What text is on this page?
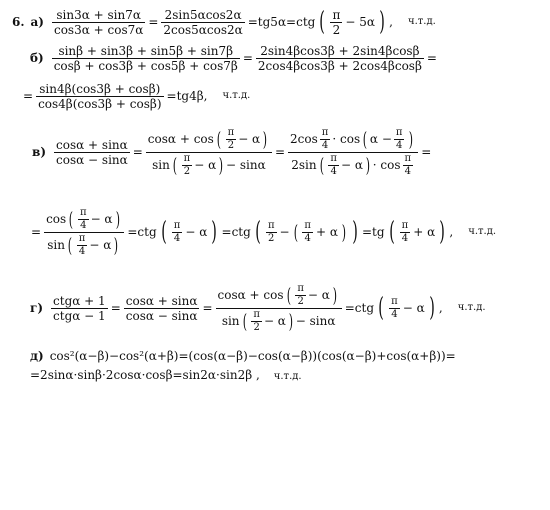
6. $а) \frac{\sin 3\alpha + \sin 7\alpha}{\cos 3\alpha + \cos 7\alpha} = \frac{2\sin 5\alpha\cos 2\alpha}{2\cos 5\alpha\cos 2\alpha} =tg5\alpha=ctg$ ( $\frac{\pi}{2} - 5\alpha$ ) , ч.т.д.
$б) \frac{\sin\beta + \sin 3\beta + \sin 5\beta + \sin 7\beta}{\cos\beta + \cos 3\beta + \cos 5\beta + \cos 7\beta} = \frac{2\sin 4\beta\cos 3\beta + 2\sin 4\beta\cos\beta}{2\cos 4\beta\cos 3\beta + 2\cos 4\beta\cos\beta}$ =
= $\frac{\sin 4\beta(\cos 3\beta + \cos\beta)}{\cos 4\beta(\cos 3\beta + \cos\beta)} =tg4\beta$, ч.т.д.
$в) \frac{\cos\alpha + \sin\alpha}{\cos\alpha - \sin\alpha}$ =
cosα + cos ( $\frac{\pi}{2} - \alpha$ )
sin ( $\frac{\pi}{2} - \alpha$ ) − sinα
=
$2\cos \frac{\pi}{4} \cdot \cos$ ( $\alpha - \frac{\pi}{4}$ )
2sin ( $\frac{\pi}{4} - \alpha$ ) · $\cos \frac{\pi}{4}$
=
=
cos ( $\frac{\pi}{4} - \alpha$ )
sin ( $\frac{\pi}{4} - \alpha$ )
=ctg ( $\frac{\pi}{4} - \alpha$ ) =ctg ( $\frac{\pi}{2}$ − ( $\frac{\pi}{4} + \alpha$ ) ) =tg ( $\frac{\pi}{4} + \alpha$ ) , ч.т.д.
$г) \frac{\text{ctgα + 1}}{\text{ctgα − 1}} = \frac{\cos\alpha + \sin\alpha}{\cos\alpha - \sin\alpha}$ =
cosα + cos ( $\frac{\pi}{2} - \alpha$ )
sin ( $\frac{\pi}{2} - \alpha$ ) − sinα
=ctg ( $\frac{\pi}{4} - \alpha$ ) , ч.т.д.
д) cos²(α−β)−cos²(α+β)=(cos(α−β)−cos(α−β))(cos(α−β)+cos(α+β))=
=2sinα·sinβ·2cosα·cosβ=sin2α·sin2β , ч.т.д.
